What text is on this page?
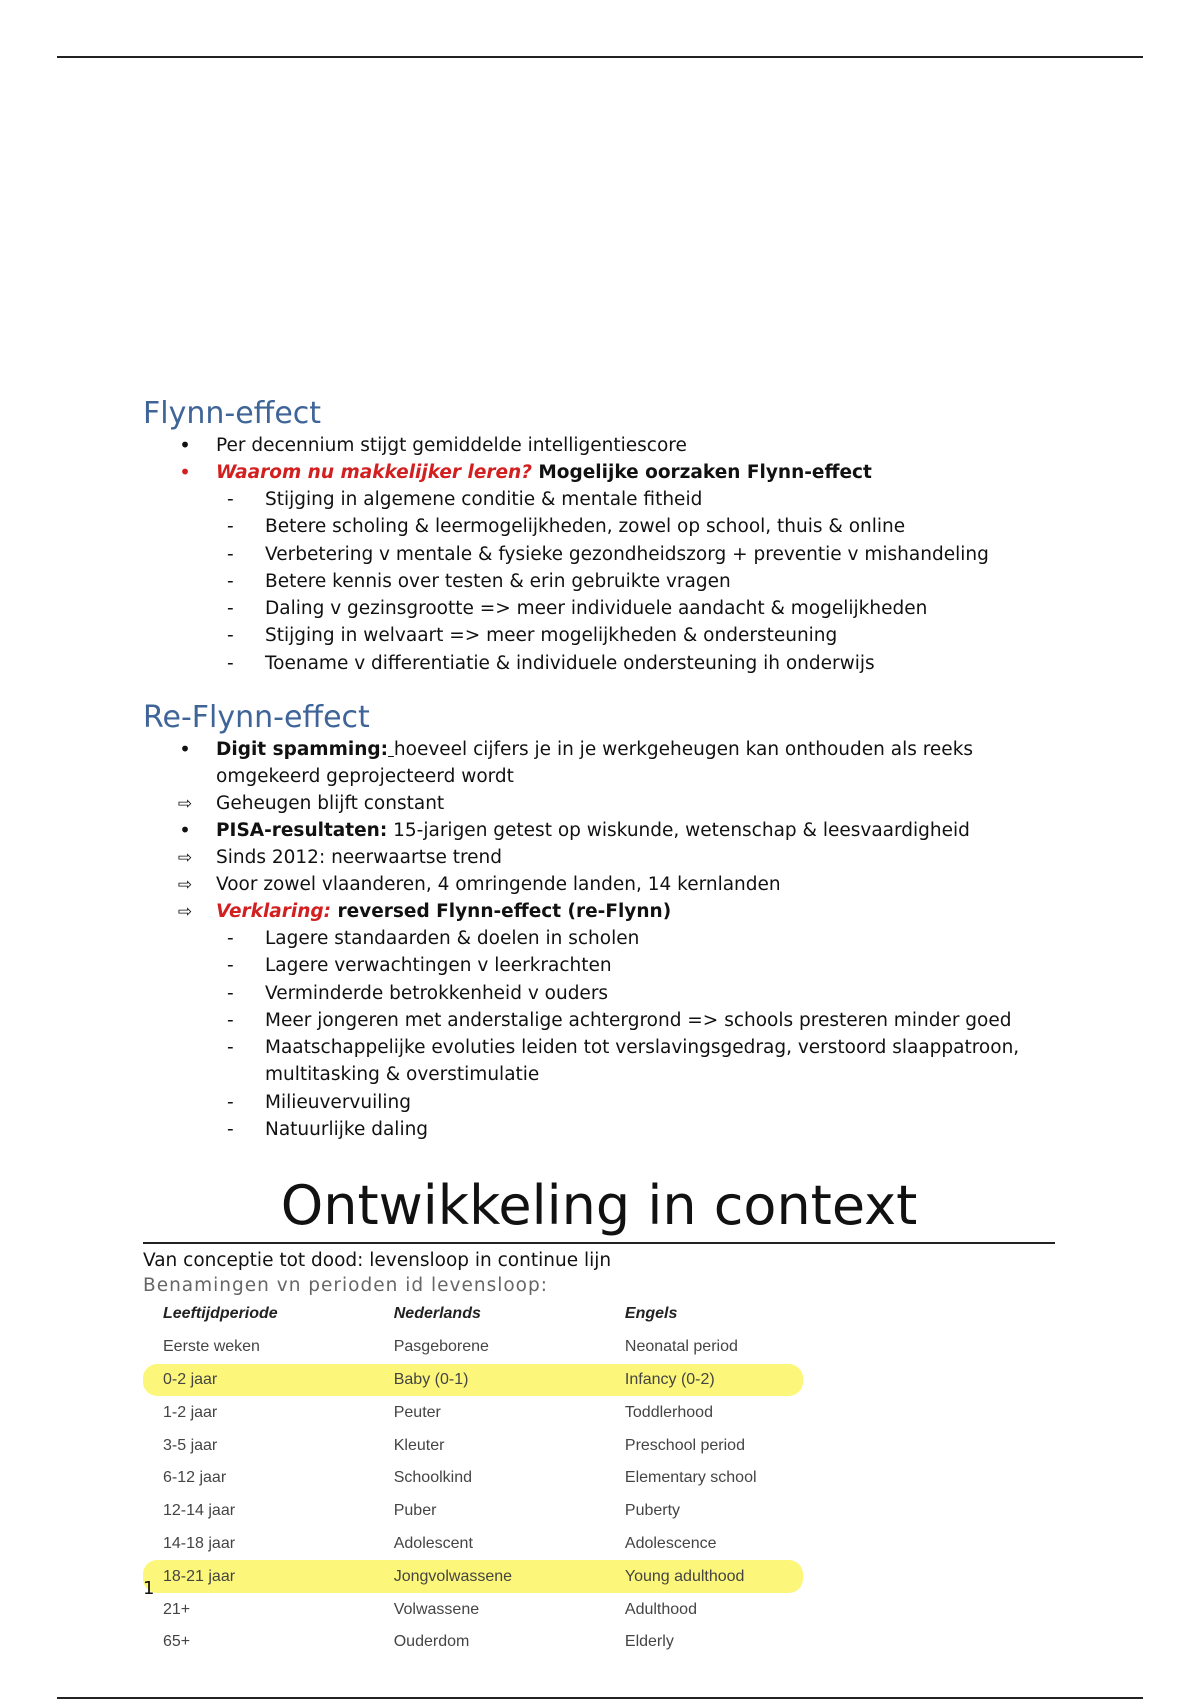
Flynn-effect
•
Per decennium stijgt gemiddelde intelligentiescore
•
Waarom nu makkelijker leren? Mogelijke oorzaken Flynn-effect
- Stijging in algemene conditie & mentale fitheid
- Betere scholing & leermogelijkheden, zowel op school, thuis & online
- Verbetering v mentale & fysieke gezondheidszorg + preventie v mishandeling
- Betere kennis over testen & erin gebruikte vragen
- Daling v gezinsgrootte => meer individuele aandacht & mogelijkheden
- Stijging in welvaart => meer mogelijkheden & ondersteuning
- Toename v differentiatie & individuele ondersteuning ih onderwijs
Re-Flynn-effect
•
Digit spamming: hoeveel cijfers je in je werkgeheugen kan onthouden als reeks omgekeerd geprojecteerd wordt
⇨
Geheugen blijft constant
•
PISA-resultaten: 15-jarigen getest op wiskunde, wetenschap & leesvaardigheid
⇨
Sinds 2012: neerwaartse trend
⇨
Voor zowel vlaanderen, 4 omringende landen, 14 kernlanden
⇨
Verklaring: reversed Flynn-effect (re-Flynn)
- Lagere standaarden & doelen in scholen
- Lagere verwachtingen v leerkrachten
- Verminderde betrokkenheid v ouders
- Meer jongeren met anderstalige achtergrond => schools presteren minder goed
- Maatschappelijke evoluties leiden tot verslavingsgedrag, verstoord slaappatroon, multitasking & overstimulatie
- Milieuvervuiling
- Natuurlijke daling
Ontwikkeling in context

Van conceptie tot dood: levensloop in continue lijn

Benamingen vn perioden id levensloop:

Leeftijdperiode	Nederlands	Engels
Eerste weken	Pasgeborene	Neonatal period
0-2 jaar	Baby (0-1)	Infancy (0-2)
1-2 jaar	Peuter	Toddlerhood
3-5 jaar	Kleuter	Preschool period
6-12 jaar	Schoolkind	Elementary school
12-14 jaar	Puber	Puberty
14-18 jaar	Adolescent	Adolescence
18-21 jaar	Jongvolwassene	Young adulthood
21+	Volwassene	Adulthood
65+	Ouderdom	Elderly
1
